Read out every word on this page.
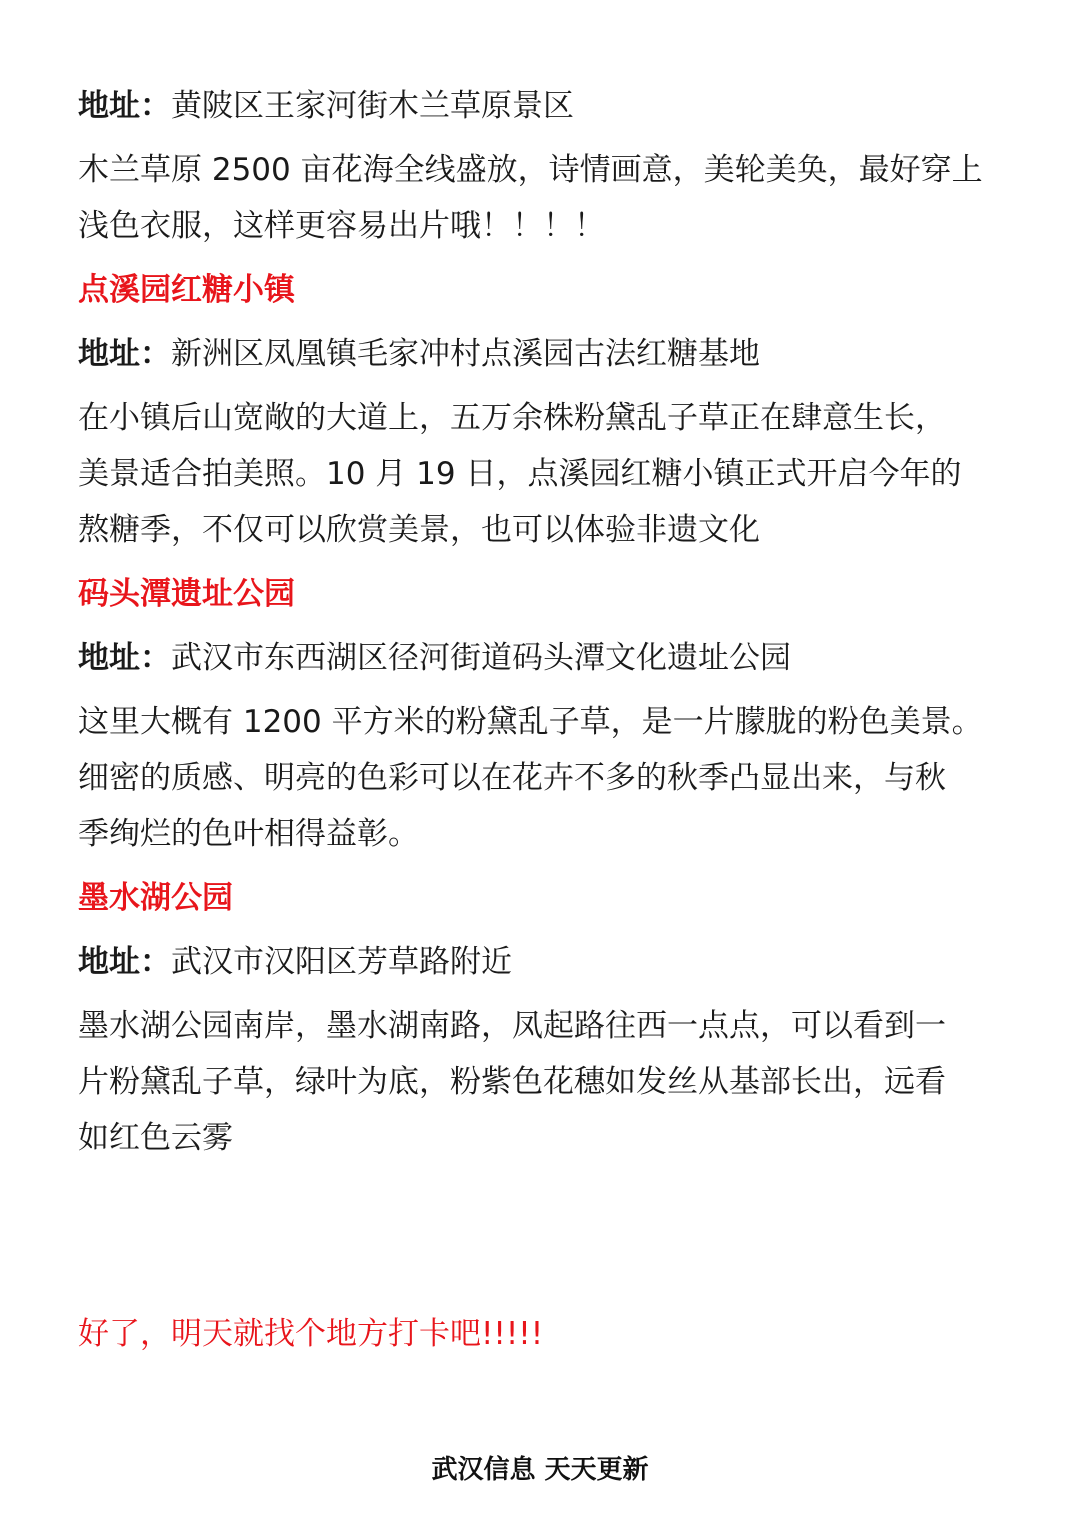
地址：黄陂区王家河街木兰草原景区

木兰草原 2500 亩花海全线盛放，诗情画意，美轮美奂，最好穿上

浅色衣服，这样更容易出片哦！！！！

点溪园红糖小镇

地址：新洲区凤凰镇毛家冲村点溪园古法红糖基地

在小镇后山宽敞的大道上，五万余株粉黛乱子草正在肆意生长，

美景适合拍美照。10 月 19 日，点溪园红糖小镇正式开启今年的

熬糖季，不仅可以欣赏美景，也可以体验非遗文化

码头潭遗址公园

地址：武汉市东西湖区径河街道码头潭文化遗址公园

这里大概有 1200 平方米的粉黛乱子草，是一片朦胧的粉色美景。

细密的质感、明亮的色彩可以在花卉不多的秋季凸显出来，与秋

季绚烂的色叶相得益彰。

墨水湖公园

地址：武汉市汉阳区芳草路附近

墨水湖公园南岸，墨水湖南路，凤起路往西一点点，可以看到一

片粉黛乱子草，绿叶为底，粉紫色花穗如发丝从基部长出，远看

如红色云雾

好了，明天就找个地方打卡吧!!!!!

武汉信息 天天更新
